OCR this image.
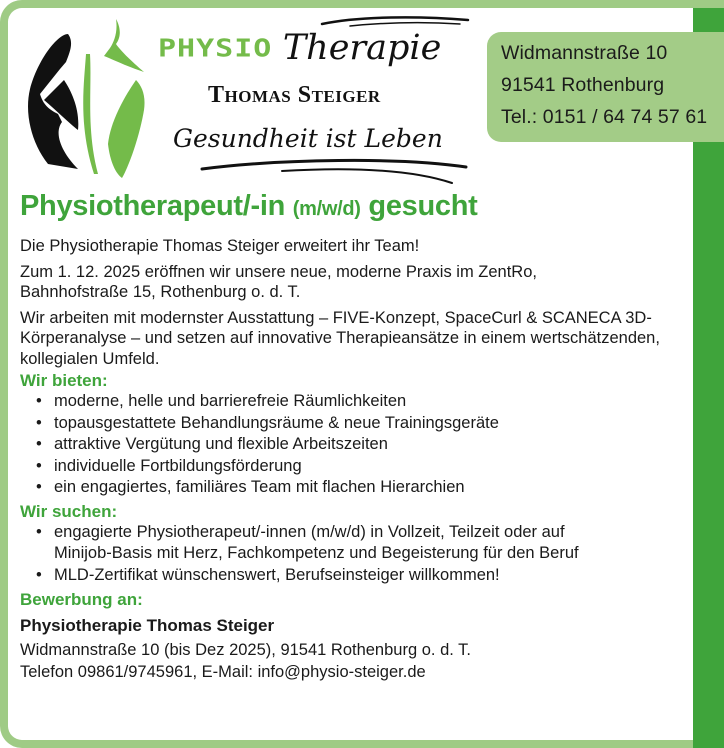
PHYSIO Therapie
Thomas Steiger
Gesundheit ist Leben
Widmannstraße 10
91541 Rothenburg
Tel.: 0151 / 64 74 57 61
Physiotherapeut/-in (m/w/d) gesucht

Die Physiotherapie Thomas Steiger erweitert ihr Team!

Zum 1. 12. 2025 eröffnen wir unsere neue, moderne Praxis im ZentRo, Bahnhofstraße 15, Rothenburg o. d. T.

Wir arbeiten mit modernster Ausstattung – FIVE-Konzept, SpaceCurl & SCANECA 3D-Körperanalyse – und setzen auf innovative Therapieansätze in einem wertschätzenden, kollegialen Umfeld.

Wir bieten:
• moderne, helle und barrierefreie Räumlichkeiten
• topausgestattete Behandlungsräume & neue Trainingsgeräte
• attraktive Vergütung und flexible Arbeitszeiten
• individuelle Fortbildungsförderung
• ein engagiertes, familiäres Team mit flachen Hierarchien
Wir suchen:
• engagierte Physiotherapeut/-innen (m/w/d) in Vollzeit, Teilzeit oder auf Minijob-Basis mit Herz, Fachkompetenz und Begeisterung für den Beruf
• MLD-Zertifikat wünschenswert, Berufseinsteiger willkommen!
Bewerbung an:
Physiotherapie Thomas Steiger
Widmannstraße 10 (bis Dez 2025), 91541 Rothenburg o. d. T.
Telefon 09861/9745961, E-Mail: info@physio-steiger.de
